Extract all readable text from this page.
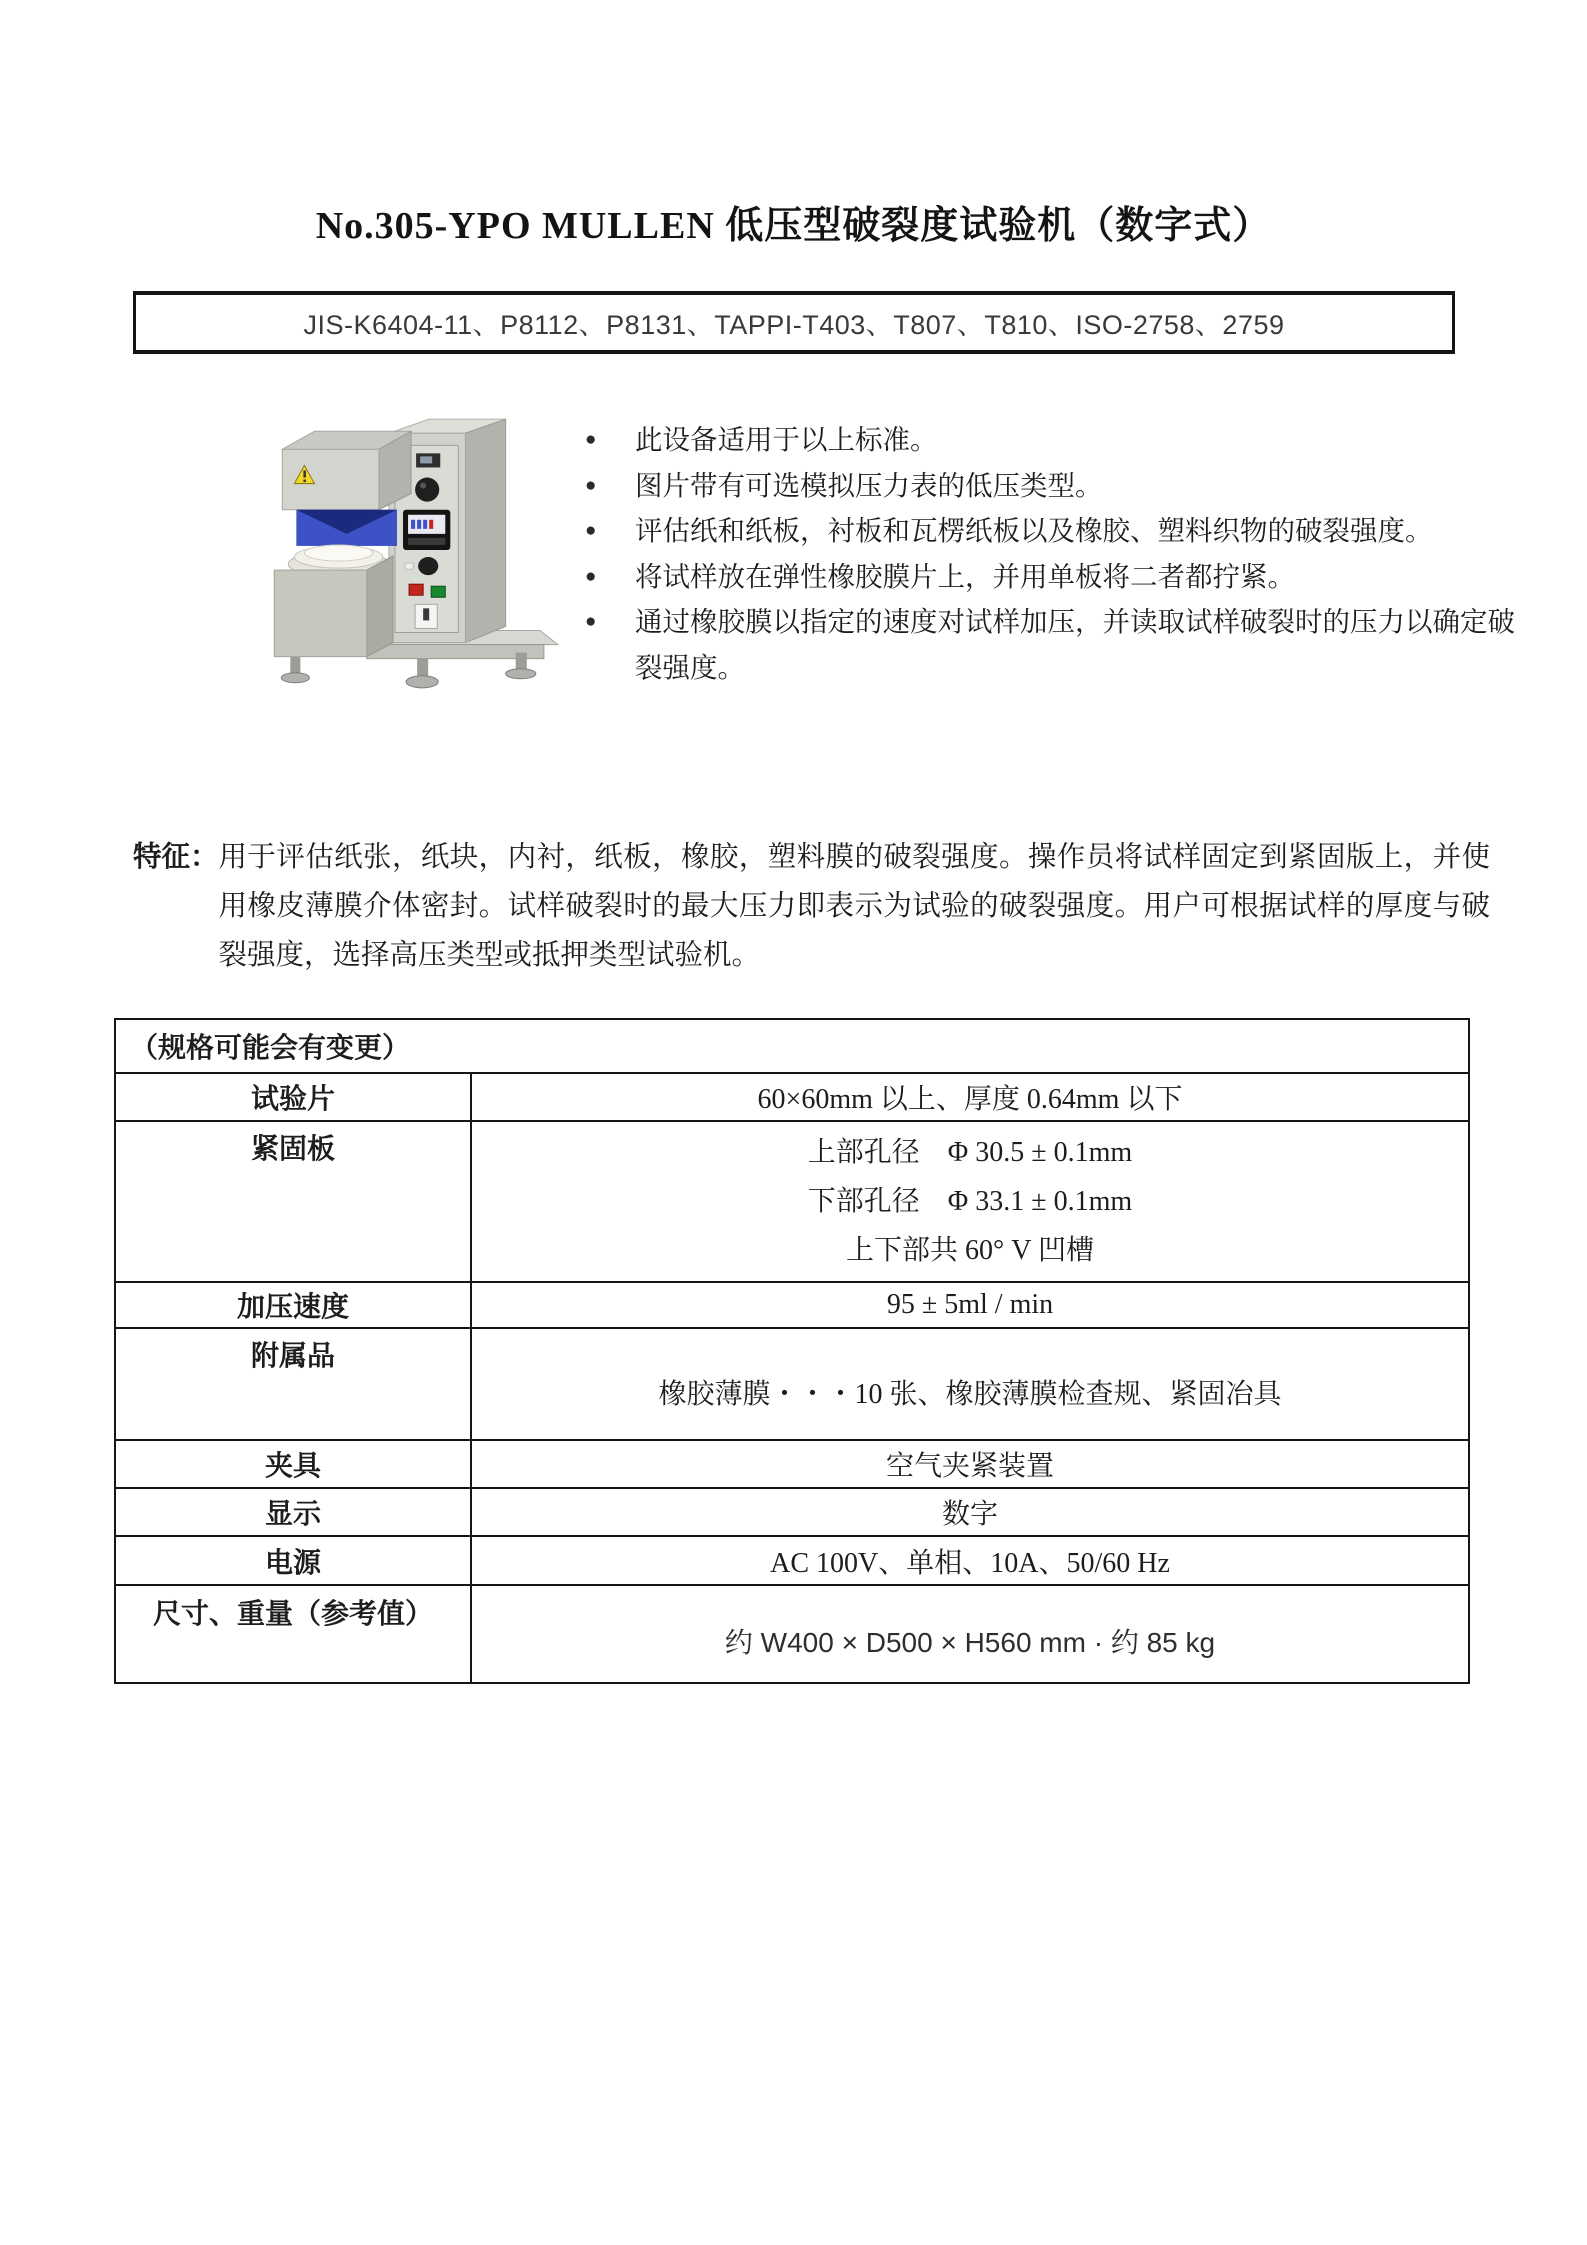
No.305-YPO MULLEN 低压型破裂度试验机（数字式）
JIS-K6404-11、P8112、P8131、TAPPI-T403、T807、T810、ISO-2758、2759
●	此设备适用于以上标准。
●	图片带有可选模拟压力表的低压类型。
●	评估纸和纸板，衬板和瓦楞纸板以及橡胶、塑料织物的破裂强度。
●	将试样放在弹性橡胶膜片上，并用单板将二者都拧紧。
●	通过橡胶膜以指定的速度对试样加压，并读取试样破裂时的压力以确定破裂强度。
特征： 用于评估纸张，纸块，内衬，纸板，橡胶，塑料膜的破裂强度。操作员将试样固定到紧固版上，并使用橡皮薄膜介体密封。试样破裂时的最大压力即表示为试验的破裂强度。用户可根据试样的厚度与破裂强度，选择高压类型或抵押类型试验机。
（规格可能会有变更）	
试验片	60×60mm 以上、厚度 0.64mm 以下
紧固板	上部孔径　Φ 30.5 ± 0.1mm
下部孔径　Φ 33.1 ± 0.1mm
上下部共 60° V 凹槽

加压速度	95 ± 5ml / min
附属品	橡胶薄膜・・・10 张、橡胶薄膜检查规、紧固冶具
夹具	空气夹紧装置
显示	数字
电源	AC 100V、单相、10A、50/60 Hz
尺寸、重量（参考值）	约 W400 × D500 × H560 mm · 约 85 kg
